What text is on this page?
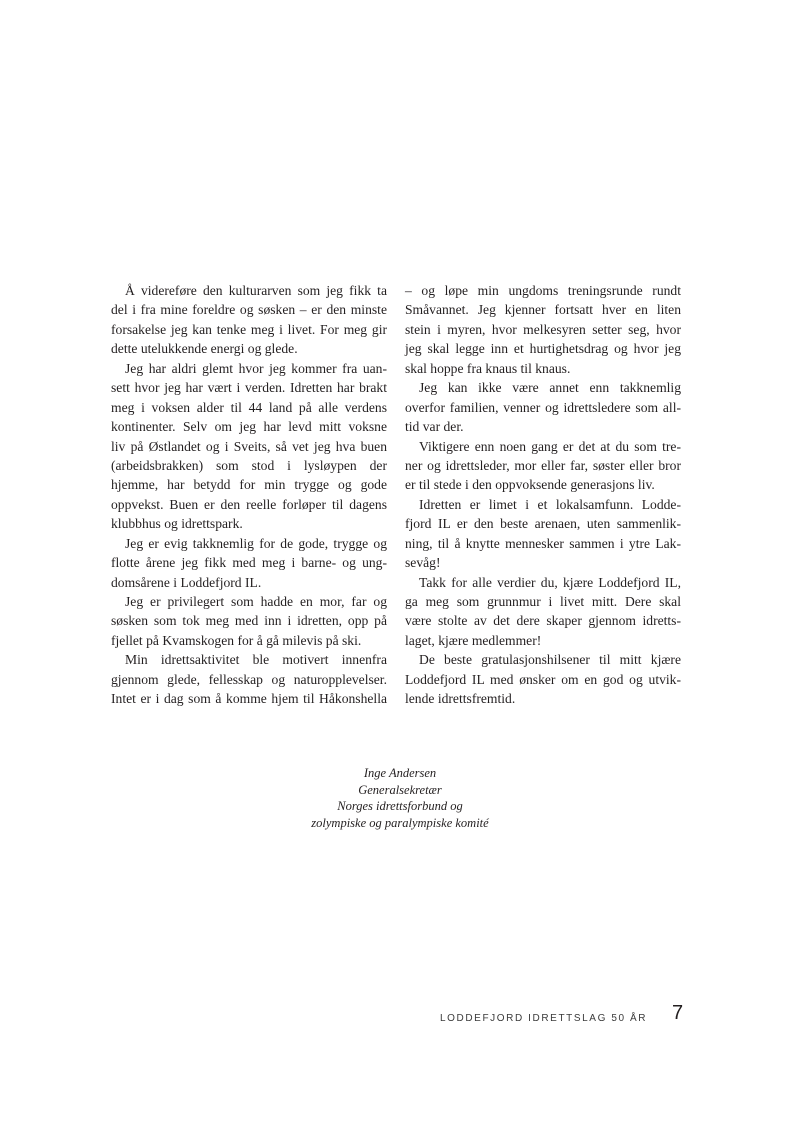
Å videreføre den kulturarven som jeg fikk ta
del i fra mine foreldre og søsken – er den minste
forsakelse jeg kan tenke meg i livet. For meg gir
dette utelukkende energi og glede.
Jeg har aldri glemt hvor jeg kommer fra uan-
sett hvor jeg har vært i verden. Idretten har brakt
meg i voksen alder til 44 land på alle verdens
kontinenter. Selv om jeg har levd mitt voksne
liv på Østlandet og i Sveits, så vet jeg hva buen
(arbeidsbrakken) som stod i lysløypen der
hjemme, har betydd for min trygge og gode
oppvekst. Buen er den reelle forløper til dagens
klubbhus og idrettspark.
Jeg er evig takknemlig for de gode, trygge og
flotte årene jeg fikk med meg i barne- og ung-
domsårene i Loddefjord IL.
Jeg er privilegert som hadde en mor, far og
søsken som tok meg med inn i idretten, opp på
fjellet på Kvamskogen for å gå milevis på ski.
Min idrettsaktivitet ble motivert innenfra
gjennom glede, fellesskap og naturopplevelser.
Intet er i dag som å komme hjem til Håkonshella
– og løpe min ungdoms treningsrunde rundt
Småvannet. Jeg kjenner fortsatt hver en liten
stein i myren, hvor melkesyren setter seg, hvor
jeg skal legge inn et hurtighetsdrag og hvor jeg
skal hoppe fra knaus til knaus.
Jeg kan ikke være annet enn takknemlig
overfor familien, venner og idrettsledere som all-
tid var der.
Viktigere enn noen gang er det at du som tre-
ner og idrettsleder, mor eller far, søster eller bror
er til stede i den oppvoksende generasjons liv.
Idretten er limet i et lokalsamfunn. Lodde-
fjord IL er den beste arenaen, uten sammenlik-
ning, til å knytte mennesker sammen i ytre Lak-
sevåg!
Takk for alle verdier du, kjære Loddefjord IL,
ga meg som grunnmur i livet mitt. Dere skal
være stolte av det dere skaper gjennom idretts-
laget, kjære medlemmer!
De beste gratulasjonshilsener til mitt kjære
Loddefjord IL med ønsker om en god og utvik-
lende idrettsfremtid.
Inge Andersen
Generalsekretær
Norges idrettsforbund og
zolympiske og paralympiske komité
LODDEFJORD IDRETTSLAG 50 ÅR 7
